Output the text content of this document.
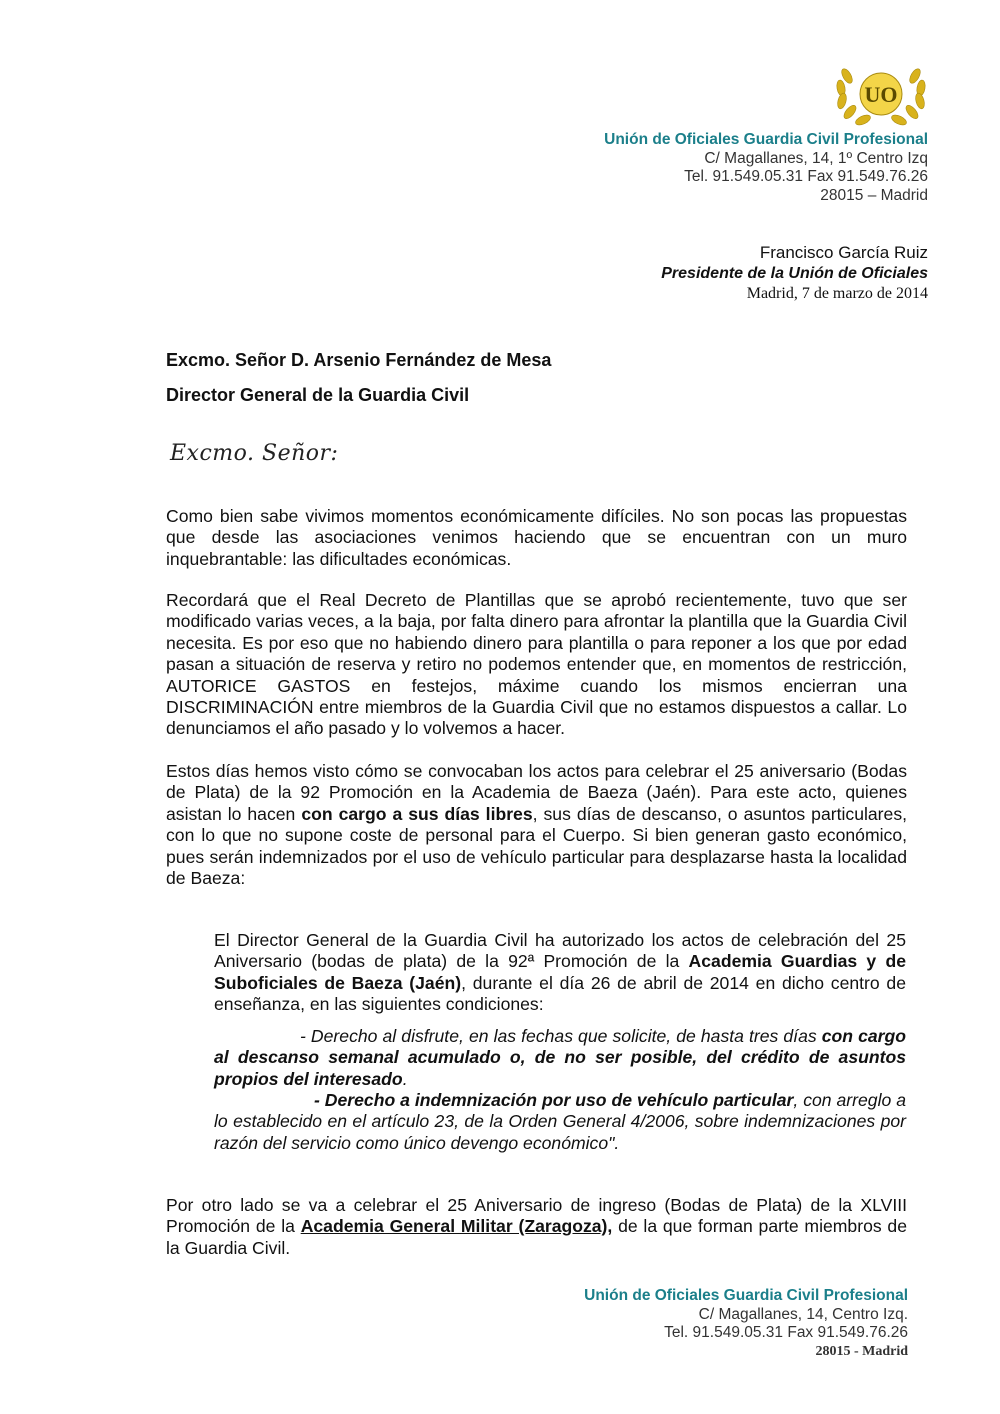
UO
Unión de Oficiales Guardia Civil Profesional
C/ Magallanes, 14, 1º Centro Izq
Tel. 91.549.05.31 Fax 91.549.76.26
28015 – Madrid
Francisco García Ruiz
Presidente de la Unión de Oficiales
Madrid, 7 de marzo de 2014
Excmo. Señor D. Arsenio Fernández de Mesa
Director General de la Guardia Civil
Excmo. Señor:
Como bien sabe vivimos momentos económicamente difíciles. No son pocas las propuestas que desde las asociaciones venimos haciendo que se encuentran con un muro inquebrantable: las dificultades económicas.
Recordará que el Real Decreto de Plantillas que se aprobó recientemente, tuvo que ser modificado varias veces, a la baja, por falta dinero para afrontar la plantilla que la Guardia Civil necesita. Es por eso que no habiendo dinero para plantilla o para reponer a los que por edad pasan a situación de reserva y retiro no podemos entender que, en momentos de restricción, AUTORICE GASTOS en festejos, máxime cuando los mismos encierran una DISCRIMINACIÓN entre miembros de la Guardia Civil que no estamos dispuestos a callar. Lo denunciamos el año pasado y lo volvemos a hacer.
Estos días hemos visto cómo se convocaban los actos para celebrar el 25 aniversario (Bodas de Plata) de la 92 Promoción en la Academia de Baeza (Jaén). Para este acto, quienes asistan lo hacen con cargo a sus días libres, sus días de descanso, o asuntos particulares, con lo que no supone coste de personal para el Cuerpo. Si bien generan gasto económico, pues serán indemnizados por el uso de vehículo particular para desplazarse hasta la localidad de Baeza:
El Director General de la Guardia Civil ha autorizado los actos de celebración del 25 Aniversario (bodas de plata) de la 92ª Promoción de la Academia Guardias y de Suboficiales de Baeza (Jaén), durante el día 26 de abril de 2014 en dicho centro de enseñanza, en las siguientes condiciones:
- Derecho al disfrute, en las fechas que solicite, de hasta tres días con cargo al descanso semanal acumulado o, de no ser posible, del crédito de asuntos propios del interesado.
- Derecho a indemnización por uso de vehículo particular, con arreglo a lo establecido en el artículo 23, de la Orden General 4/2006, sobre indemnizaciones por razón del servicio como único devengo económico".
Por otro lado se va a celebrar el 25 Aniversario de ingreso (Bodas de Plata) de la XLVIII Promoción de la Academia General Militar (Zaragoza), de la que forman parte miembros de la Guardia Civil.
Unión de Oficiales Guardia Civil Profesional
C/ Magallanes, 14, Centro Izq.
Tel. 91.549.05.31 Fax 91.549.76.26
28015 - Madrid
